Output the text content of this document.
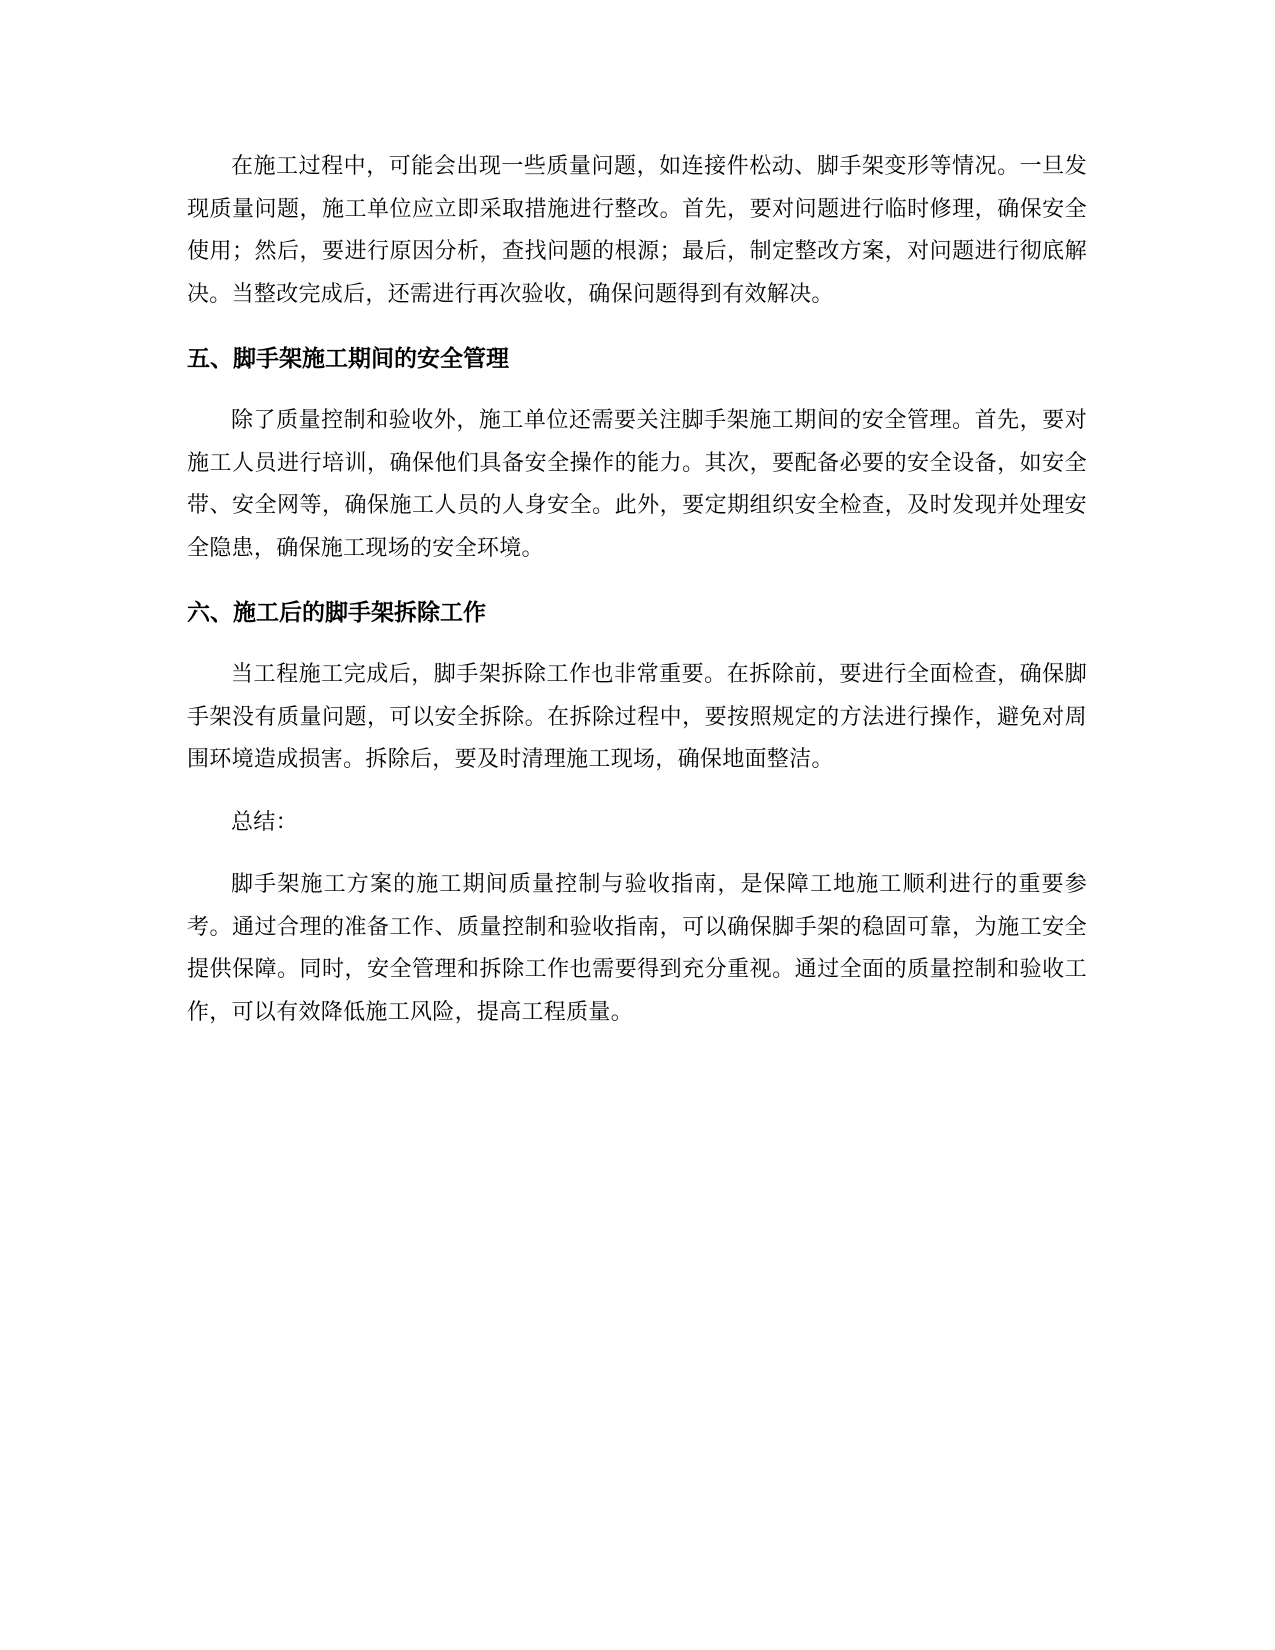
在施工过程中，可能会出现一些质量问题，如连接件松动、脚手架变形等情况。一旦发现质量问题，施工单位应立即采取措施进行整改。首先，要对问题进行临时修理，确保安全使用；然后，要进行原因分析，查找问题的根源；最后，制定整改方案，对问题进行彻底解决。当整改完成后，还需进行再次验收，确保问题得到有效解决。

五、脚手架施工期间的安全管理

除了质量控制和验收外，施工单位还需要关注脚手架施工期间的安全管理。首先，要对施工人员进行培训，确保他们具备安全操作的能力。其次，要配备必要的安全设备，如安全带、安全网等，确保施工人员的人身安全。此外，要定期组织安全检查，及时发现并处理安全隐患，确保施工现场的安全环境。

六、施工后的脚手架拆除工作

当工程施工完成后，脚手架拆除工作也非常重要。在拆除前，要进行全面检查，确保脚手架没有质量问题，可以安全拆除。在拆除过程中，要按照规定的方法进行操作，避免对周围环境造成损害。拆除后，要及时清理施工现场，确保地面整洁。

总结：

脚手架施工方案的施工期间质量控制与验收指南，是保障工地施工顺利进行的重要参考。通过合理的准备工作、质量控制和验收指南，可以确保脚手架的稳固可靠，为施工安全提供保障。同时，安全管理和拆除工作也需要得到充分重视。通过全面的质量控制和验收工作，可以有效降低施工风险，提高工程质量。
